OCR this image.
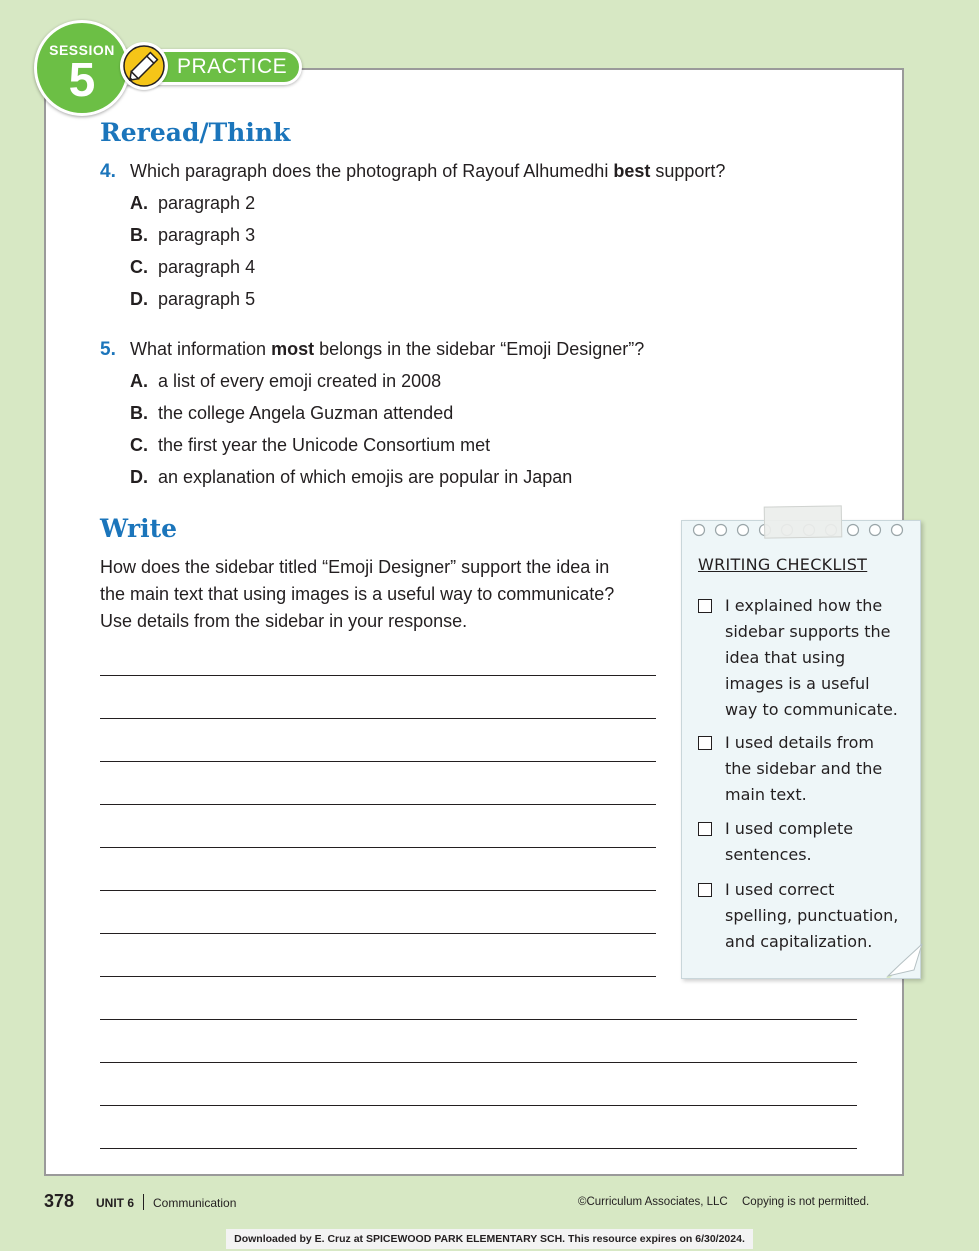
PRACTICE
SESSION
5
Reread/Think
4. Which paragraph does the photograph of Rayouf Alhumedhi best support?
A. paragraph 2
B. paragraph 3
C. paragraph 4
D. paragraph 5
5. What information most belongs in the sidebar “Emoji Designer”?
A. a list of every emoji created in 2008
B. the college Angela Guzman attended
C. the first year the Unicode Consortium met
D. an explanation of which emojis are popular in Japan
Write
How does the sidebar titled “Emoji Designer” support the idea in
the main text that using images is a useful way to communicate?
Use details from the sidebar in your response.
WRITING CHECKLIST
I explained how the
sidebar supports the
idea that using
images is a useful
way to communicate.
I used details from
the sidebar and the
main text.
I used complete
sentences.
I used correct
spelling, punctuation,
and capitalization.
378 UNIT 6 Communication	©Curriculum Associates, LLC Copying is not permitted.
Downloaded by E. Cruz at SPICEWOOD PARK ELEMENTARY SCH. This resource expires on 6/30/2024.
